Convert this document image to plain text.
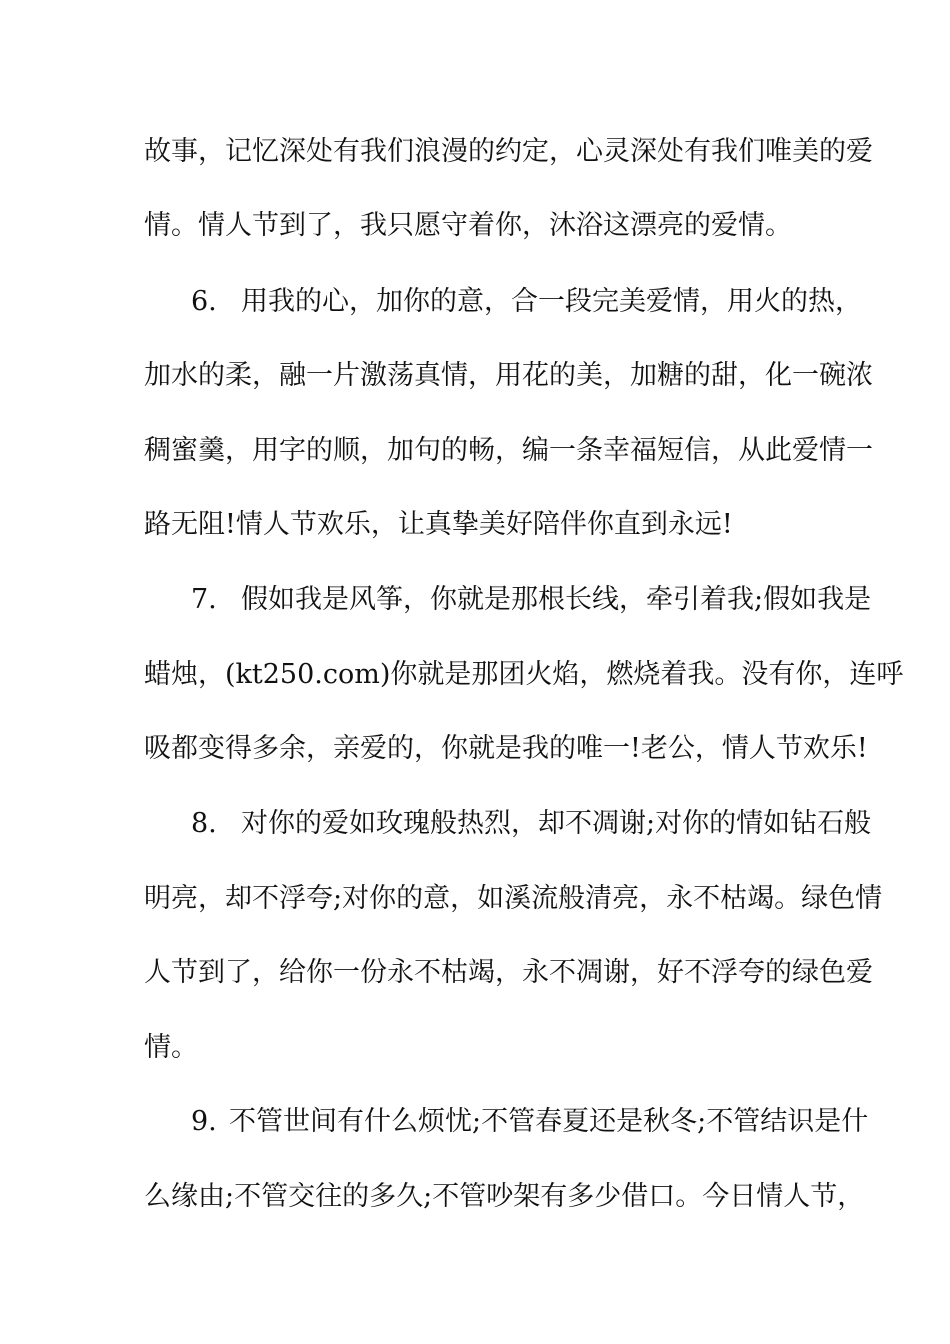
故事，记忆深处有我们浪漫的约定，心灵深处有我们唯美的爱
情。情人节到了，我只愿守着你，沐浴这漂亮的爱情。
6. 用我的心，加你的意，合一段完美爱情，用火的热，
加水的柔，融一片激荡真情，用花的美，加糖的甜，化一碗浓
稠蜜羹，用字的顺，加句的畅，编一条幸福短信，从此爱情一
路无阻!情人节欢乐，让真挚美好陪伴你直到永远!
7. 假如我是风筝，你就是那根长线，牵引着我;假如我是
蜡烛，(kt250.com)你就是那团火焰，燃烧着我。没有你，连呼
吸都变得多余，亲爱的，你就是我的唯一!老公，情人节欢乐!
8. 对你的爱如玫瑰般热烈，却不凋谢;对你的情如钻石般
明亮，却不浮夸;对你的意，如溪流般清亮，永不枯竭。绿色情
人节到了，给你一份永不枯竭，永不凋谢，好不浮夸的绿色爱
情。
9. 不管世间有什么烦忧;不管春夏还是秋冬;不管结识是什
么缘由;不管交往的多久;不管吵架有多少借口。今日情人节，
